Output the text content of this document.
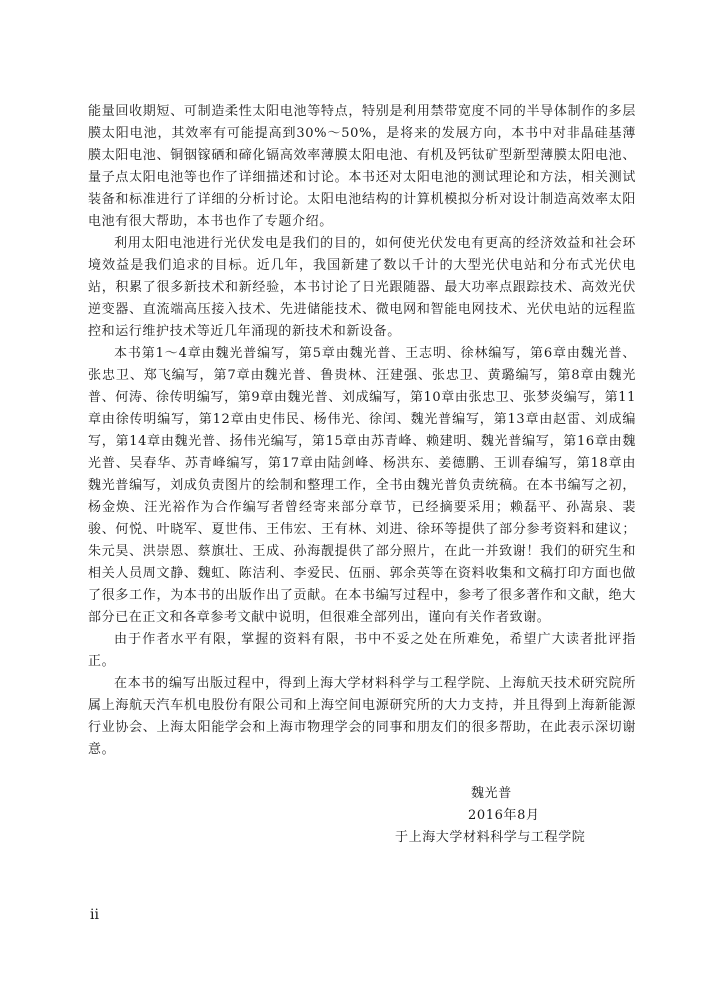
能量回收期短、可制造柔性太阳电池等特点，特别是利用禁带宽度不同的半导体制作的多层膜太阳电池，其效率有可能提高到30%～50%，是将来的发展方向，本书中对非晶硅基薄膜太阳电池、铜铟镓硒和碲化镉高效率薄膜太阳电池、有机及钙钛矿型新型薄膜太阳电池、量子点太阳电池等也作了详细描述和讨论。本书还对太阳电池的测试理论和方法，相关测试装备和标准进行了详细的分析讨论。太阳电池结构的计算机模拟分析对设计制造高效率太阳电池有很大帮助，本书也作了专题介绍。

利用太阳电池进行光伏发电是我们的目的，如何使光伏发电有更高的经济效益和社会环境效益是我们追求的目标。近几年，我国新建了数以千计的大型光伏电站和分布式光伏电站，积累了很多新技术和新经验，本书讨论了日光跟随器、最大功率点跟踪技术、高效光伏逆变器、直流端高压接入技术、先进储能技术、微电网和智能电网技术、光伏电站的远程监控和运行维护技术等近几年涌现的新技术和新设备。

本书第1～4章由魏光普编写，第5章由魏光普、王志明、徐林编写，第6章由魏光普、张忠卫、郑飞编写，第7章由魏光普、鲁贵林、汪建强、张忠卫、黄璐编写，第8章由魏光普、何涛、徐传明编写，第9章由魏光普、刘成编写，第10章由张忠卫、张梦炎编写，第11章由徐传明编写，第12章由史伟民、杨伟光、徐闰、魏光普编写，第13章由赵雷、刘成编写，第14章由魏光普、扬伟光编写，第15章由苏青峰、赖建明、魏光普编写，第16章由魏光普、吴春华、苏青峰编写，第17章由陆剑峰、杨洪东、姜德鹏、王训春编写，第18章由魏光普编写，刘成负责图片的绘制和整理工作，全书由魏光普负责统稿。在本书编写之初，杨金焕、汪光裕作为合作编写者曾经寄来部分章节，已经摘要采用；赖磊平、孙嵩泉、裴骏、何悦、叶晓军、夏世伟、王伟宏、王有林、刘进、徐环等提供了部分参考资料和建议；朱元昊、洪崇恩、蔡旗壮、王成、孙海靓提供了部分照片，在此一并致谢！我们的研究生和相关人员周文静、魏虹、陈洁利、李爱民、伍丽、郭余英等在资料收集和文稿打印方面也做了很多工作，为本书的出版作出了贡献。在本书编写过程中，参考了很多著作和文献，绝大部分已在正文和各章参考文献中说明，但很难全部列出，谨向有关作者致谢。

由于作者水平有限，掌握的资料有限，书中不妥之处在所难免，希望广大读者批评指正。

在本书的编写出版过程中，得到上海大学材料科学与工程学院、上海航天技术研究院所属上海航天汽车机电股份有限公司和上海空间电源研究所的大力支持，并且得到上海新能源行业协会、上海太阳能学会和上海市物理学会的同事和朋友们的很多帮助，在此表示深切谢意。

魏光普
2016年8月
于上海大学材料科学与工程学院
ii
